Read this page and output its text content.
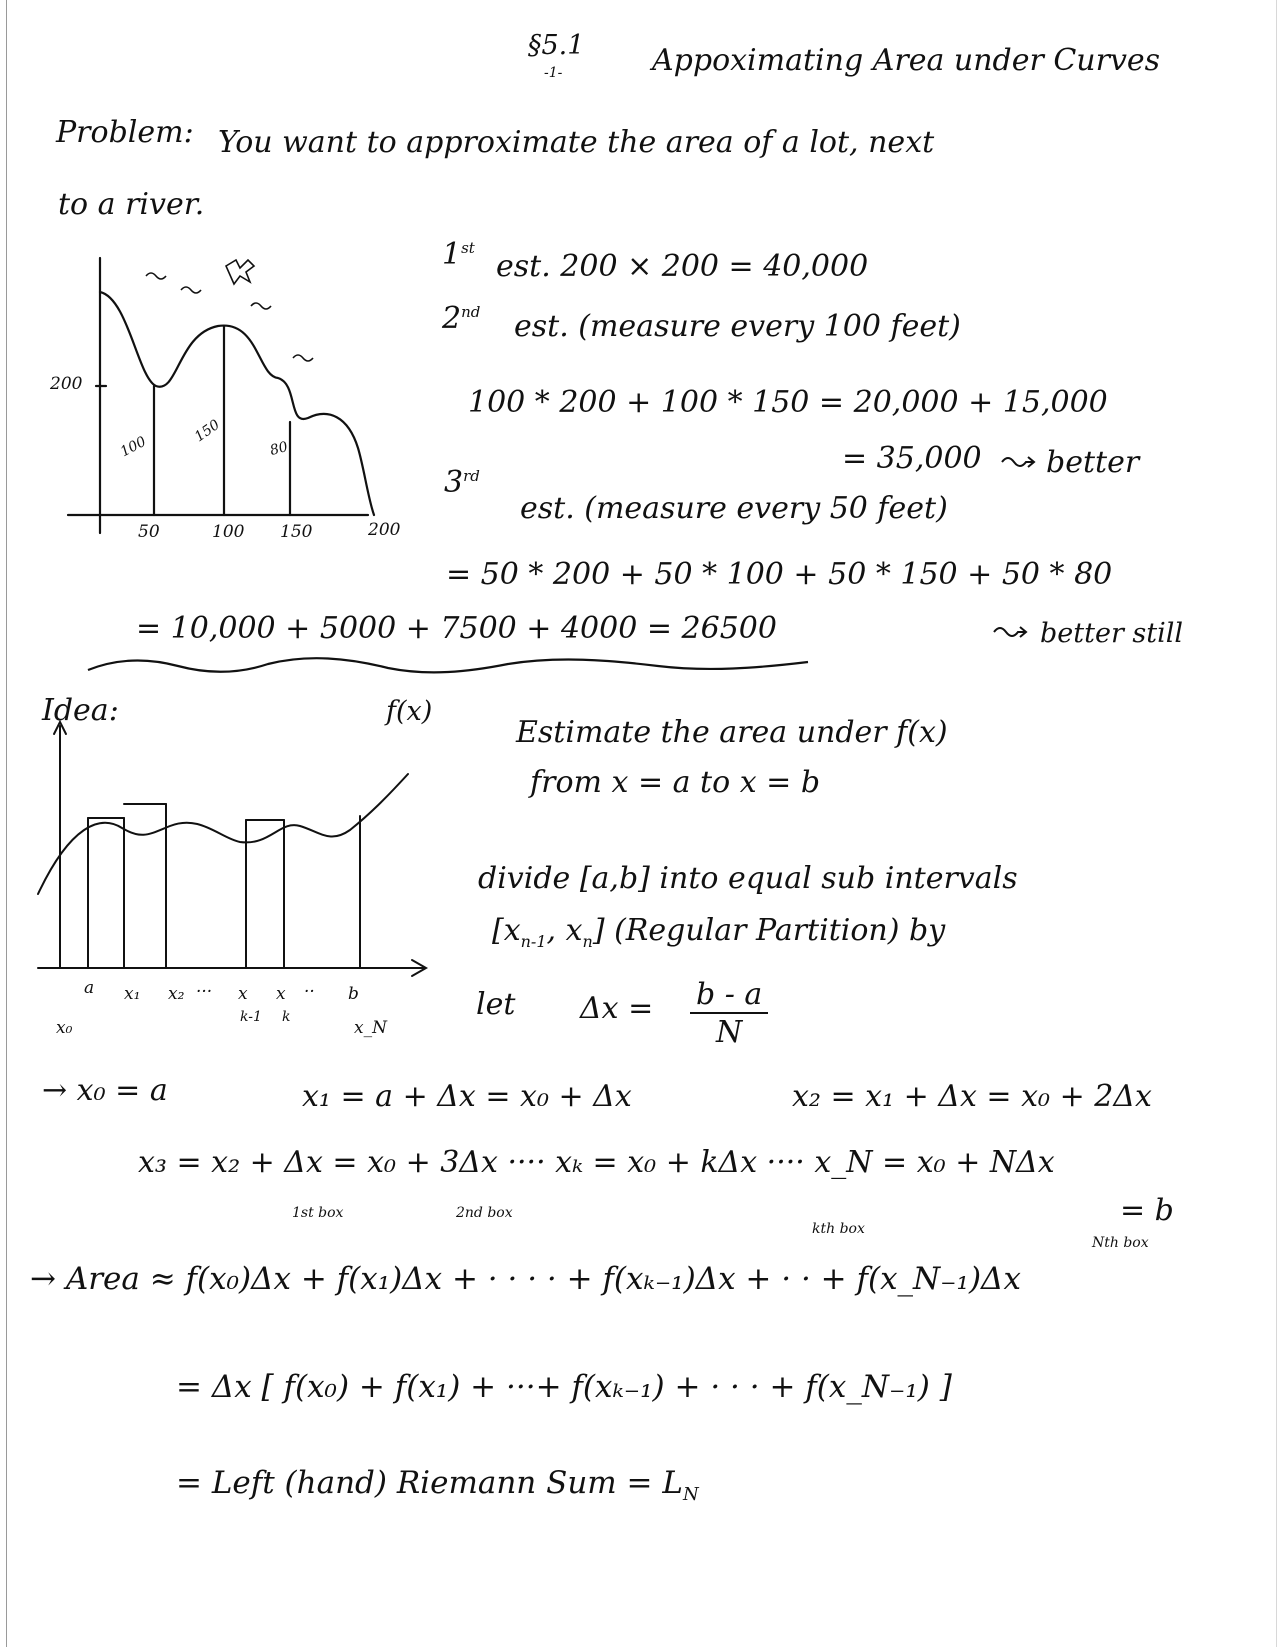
§5.1
-1-	Appoximating Area under Curves
Problem: You want to approximate the area of a lot, next
to a river.
200
100
150
80
50	100 150	200
1st
est. 200 × 200 = 40,000
2nd est. (measure every 100 feet)
100 * 200 + 100 * 150 = 20,000 + 15,000
= 35,000 better
3rd
est. (measure every 50 feet)
= 50 * 200 + 50 * 100 + 50 * 150 + 50 * 80
= 10,000 + 5000 + 7500 + 4000 = 26500	better still
Idea:	f(x)
a x₁ x₂ ··· x x ·· b
x₀
k-1 k
x_N
Estimate the area under f(x)
from x = a to x = b
divide [a,b] into equal sub intervals
[$x_{n-1}$, $x_n$] (Regular Partition) by
let $\Delta x = \frac{b - a}{N}$
→ x₀ = a	x₁ = a + Δx = x₀ + Δx	x₂ = x₁ + Δx = x₀ + 2Δx
x₃ = x₂ + Δx = x₀ + 3Δx ···· xₖ = x₀ + kΔx ···· x_N = x₀ + NΔx
= b
1st box	2nd box
kth box
Nth box
→ Area ≈ f(x₀)Δx + f(x₁)Δx + · · · · + f(xₖ₋₁)Δx + · · + f(x_N₋₁)Δx
= Δx [ f(x₀) + f(x₁) + ···+ f(xₖ₋₁) + · · · + f(x_N₋₁) ]
= Left (hand) Riemann Sum = $L_N$
